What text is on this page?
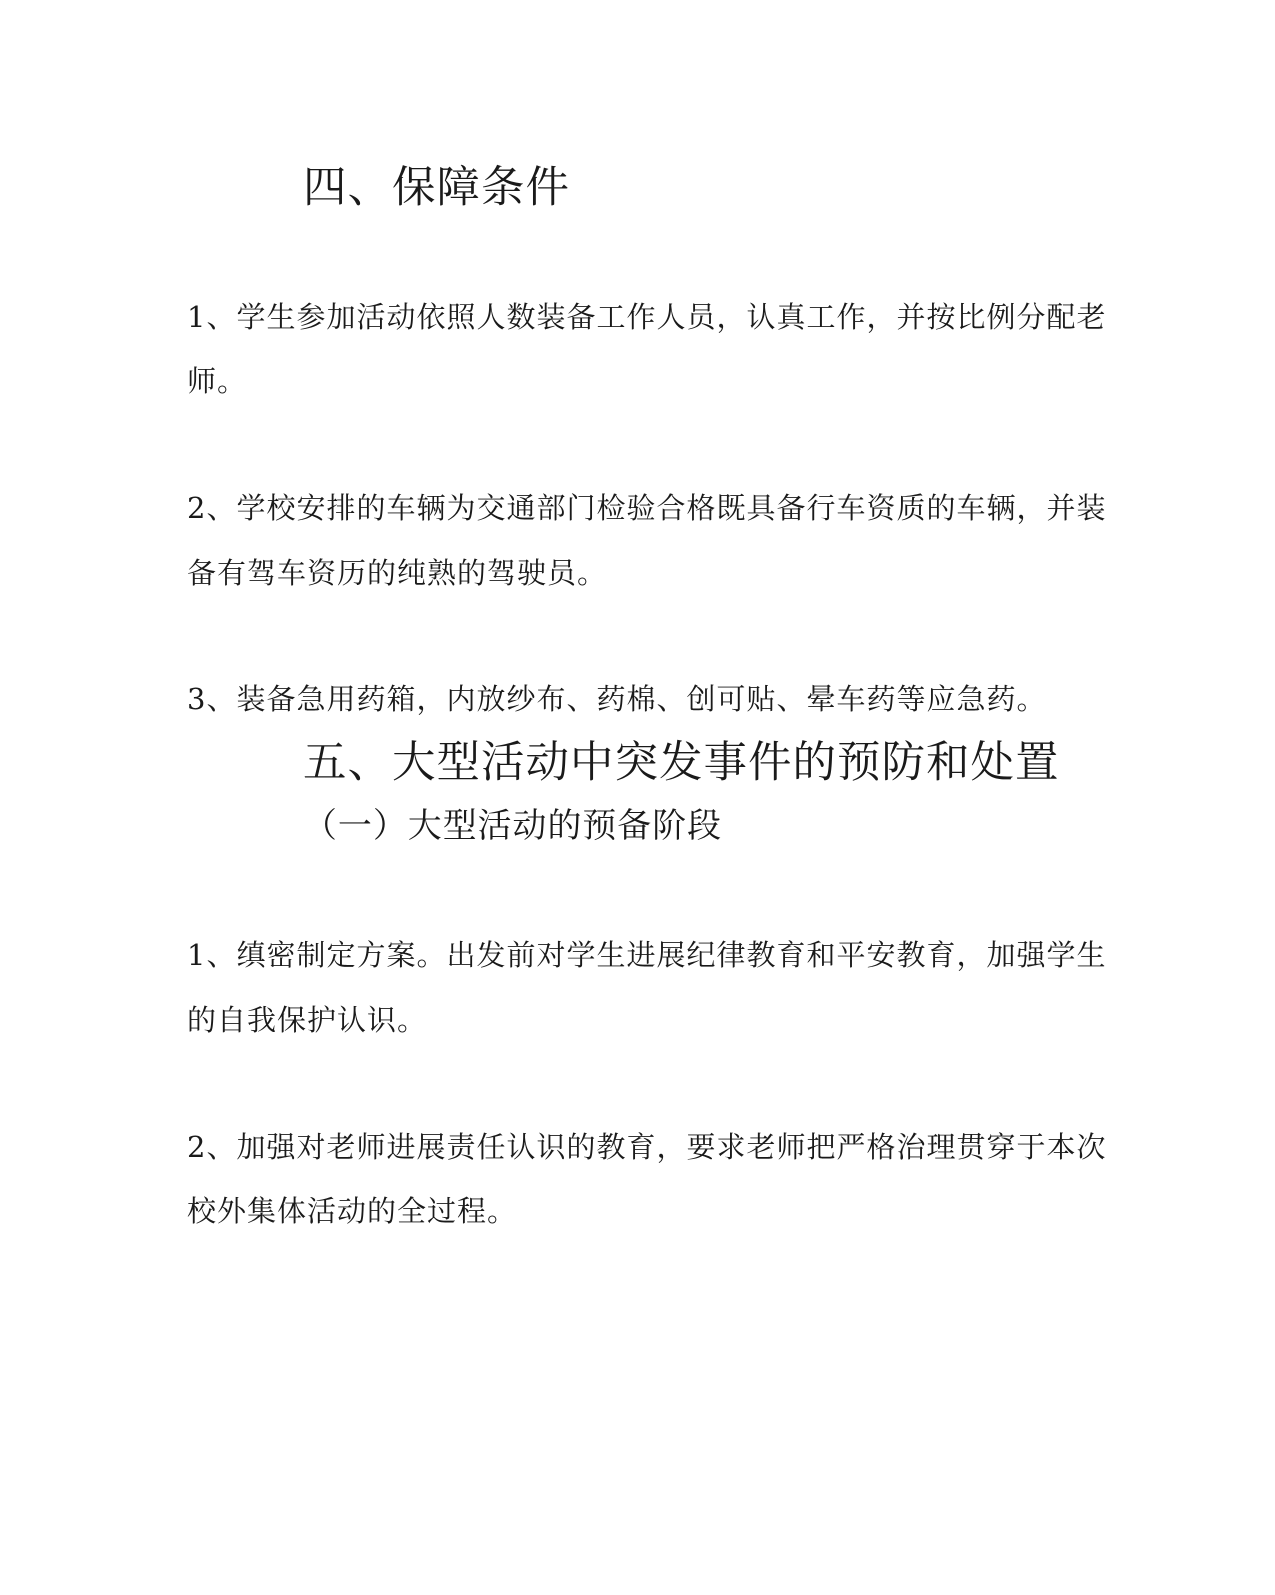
四、保障条件

1、学生参加活动依照人数装备工作人员，认真工作，并按比例分配老

师。

2、学校安排的车辆为交通部门检验合格既具备行车资质的车辆，并装

备有驾车资历的纯熟的驾驶员。

3、装备急用药箱，内放纱布、药棉、创可贴、晕车药等应急药。

五、大型活动中突发事件的预防和处置
（一）大型活动的预备阶段

1、缜密制定方案。出发前对学生进展纪律教育和平安教育，加强学生

的自我保护认识。

2、加强对老师进展责任认识的教育，要求老师把严格治理贯穿于本次

校外集体活动的全过程。
